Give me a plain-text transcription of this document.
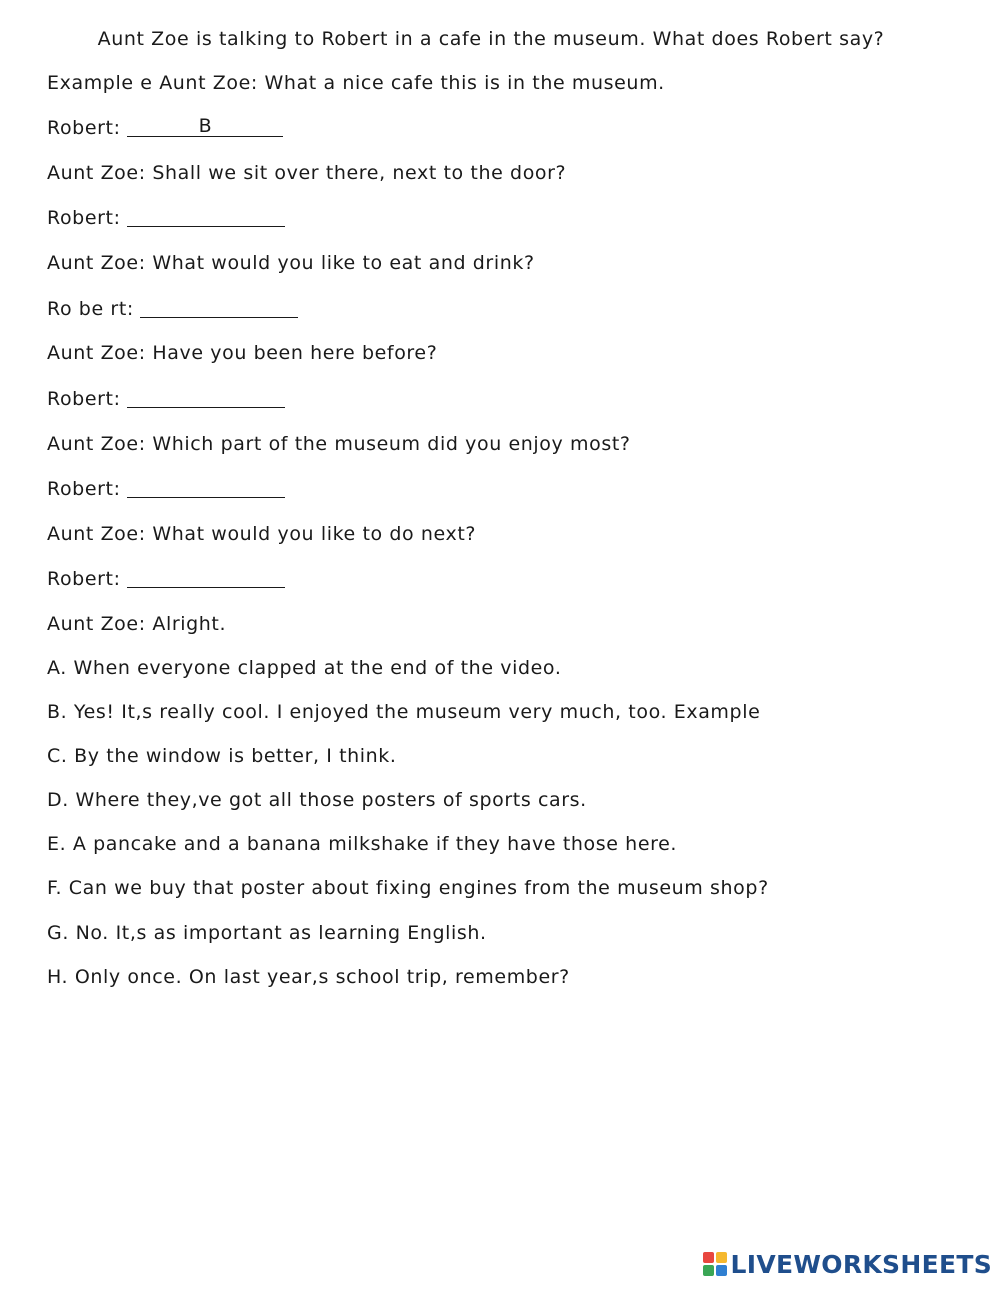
Aunt Zoe is talking to Robert in a cafe in the museum. What does Robert say?
Example e Aunt Zoe: What a nice cafe this is in the museum.
Robert:	B
Aunt Zoe: Shall we sit over there, next to the door?
Robert:
Aunt Zoe: What would you like to eat and drink?
Ro be rt:
Aunt Zoe: Have you been here before?
Robert:
Aunt Zoe: Which part of the museum did you enjoy most?
Robert:
Aunt Zoe: What would you like to do next?
Robert:
Aunt Zoe: Alright.
A. When everyone clapped at the end of the video.
B. Yes! It,s really cool. I enjoyed the museum very much, too. Example
C. By the window is better, I think.
D. Where they,ve got all those posters of sports cars.
E. A pancake and a banana milkshake if they have those here.
F. Can we buy that poster about fixing engines from the museum shop?
G. No. It,s as important as learning English.
H. Only once. On last year,s school trip, remember?
LIVEWORKSHEETS
